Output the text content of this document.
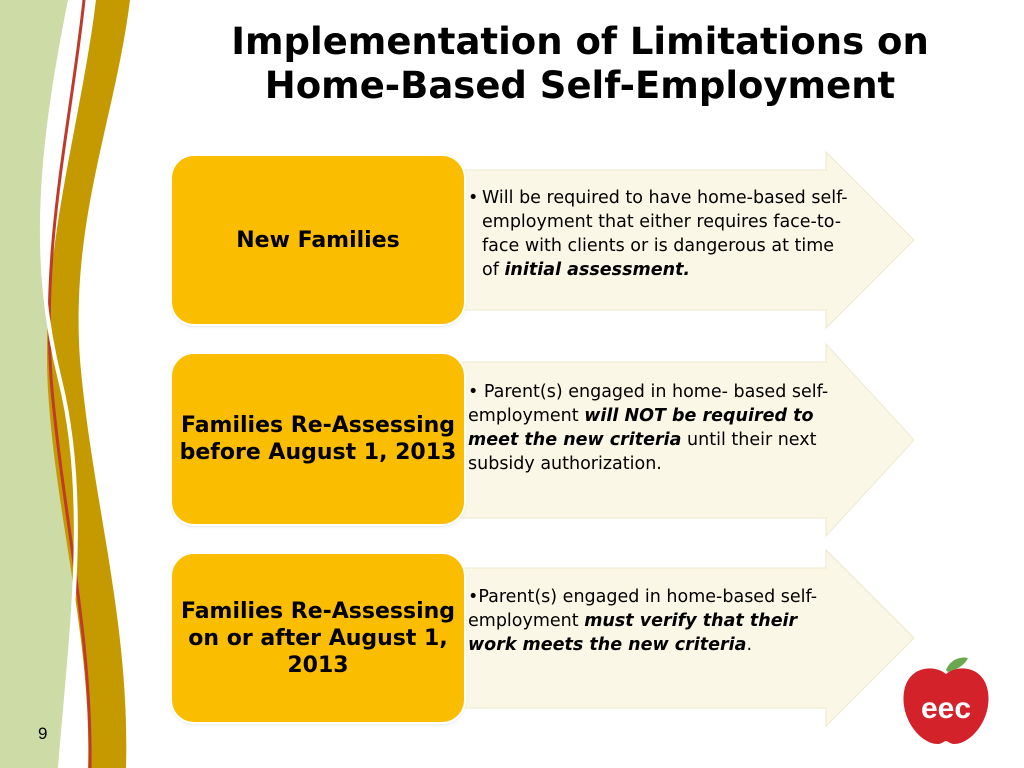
Implementation of Limitations on
Home-Based Self-Employment
New Families
• Will be required to have home-based self-employment that either requires face-to-face with clients or is dangerous at time of initial assessment.
Families Re-Assessing before August 1, 2013
• Parent(s) engaged in home- based self-employment will NOT be required to meet the new criteria until their next subsidy authorization.
Families Re-Assessing on or after August 1, 2013
•Parent(s) engaged in home-based self-employment must verify that their work meets the new criteria.
9
eec
